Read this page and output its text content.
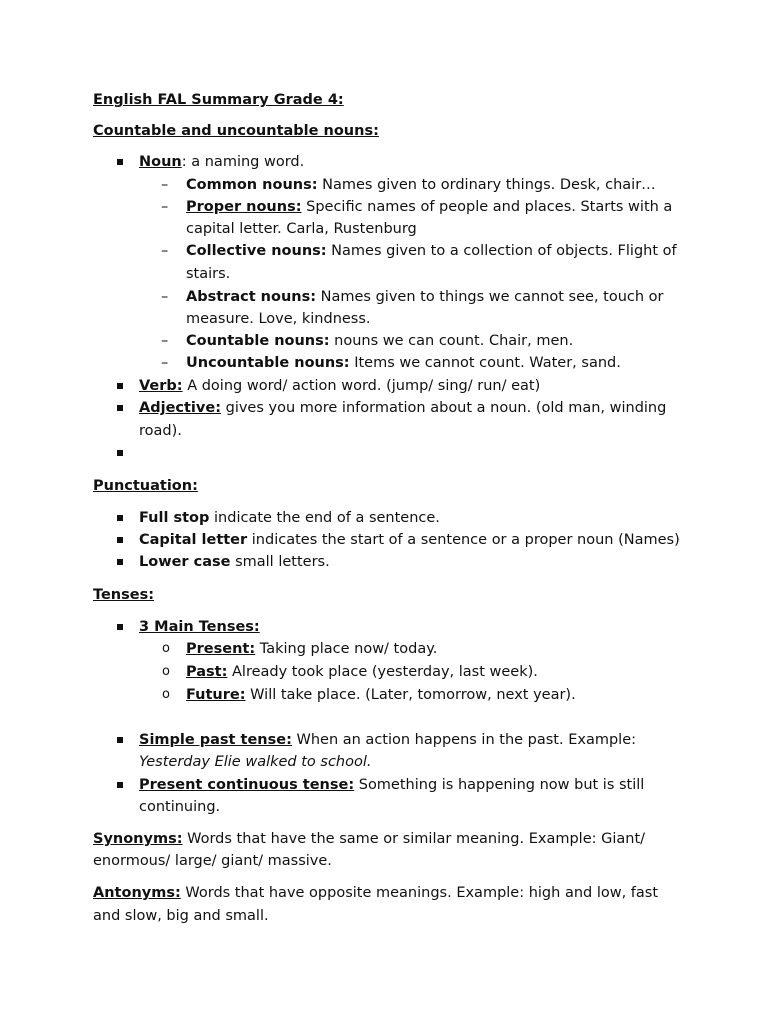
English FAL Summary Grade 4:
Countable and uncountable nouns:
Noun: a naming word.
– Common nouns: Names given to ordinary things. Desk, chair…
– Proper nouns: Specific names of people and places. Starts with a
capital letter. Carla, Rustenburg
– Collective nouns: Names given to a collection of objects. Flight of
stairs.
– Abstract nouns: Names given to things we cannot see, touch or
measure. Love, kindness.
– Countable nouns: nouns we can count. Chair, men.
– Uncountable nouns: Items we cannot count. Water, sand.
Verb: A doing word/ action word. (jump/ sing/ run/ eat)
Adjective: gives you more information about a noun. (old man, winding
road).
Punctuation:
Full stop indicate the end of a sentence.
Capital letter indicates the start of a sentence or a proper noun (Names)
Lower case small letters.
Tenses:
3 Main Tenses:
o Present: Taking place now/ today.
o Past: Already took place (yesterday, last week).
o Future: Will take place. (Later, tomorrow, next year).
Simple past tense: When an action happens in the past. Example:
Yesterday Elie walked to school.
Present continuous tense: Something is happening now but is still
continuing.
Synonyms: Words that have the same or similar meaning. Example: Giant/
enormous/ large/ giant/ massive.
Antonyms: Words that have opposite meanings. Example: high and low, fast
and slow, big and small.
